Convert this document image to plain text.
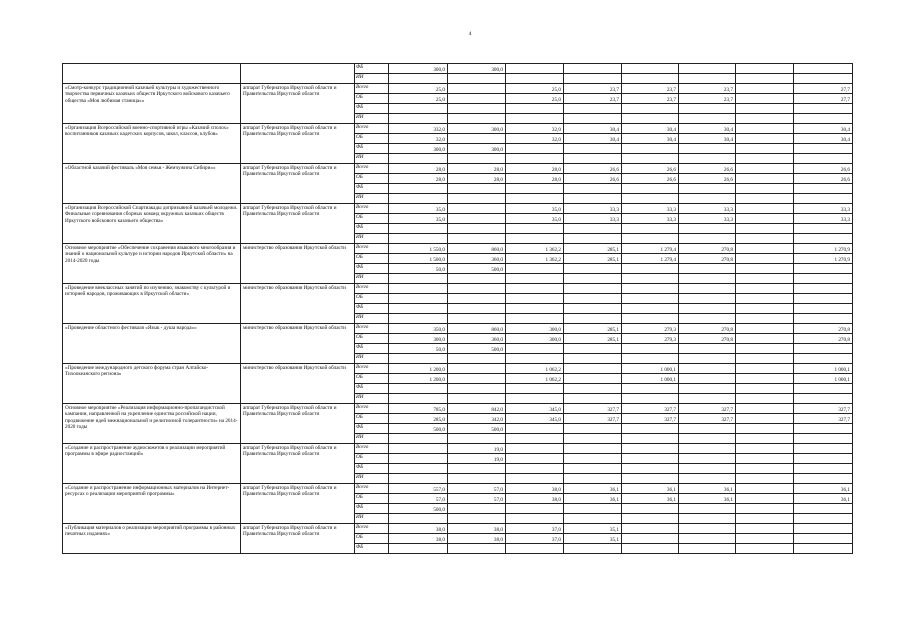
4
		ФБ	300,0	300,0						
		ИИ								
«Смотр-конкурс традиционной казачьей культуры и художественного творчества первичных казачьих обществ Иркутского войскового казачьего общества «Моя любимая станица»»	аппарат Губернатора Иркутской области и Правительства Иркутской области	Всего	25,0		25,0	23,7	23,7	23,7		27,7
		ОБ	25,0		25,0	23,7	23,7	23,7		27,7
		ФБ								
		ИИ								
«Организация Всероссийской военно-спортивной игры «Казачий сполох» воспитанников казачьих кадетских корпусов, школ, классов, клубов»	аппарат Губернатора Иркутской области и Правительства Иркутской области	Всего	332,0	300,0	32,0	30,4	30,4	30,4		30,4
		ОБ	32,0		32,0	30,4	30,4	30,4		30,4
		ФБ	300,0	300,0						
		ИИ								
«Областной казачий фестиваль «Моя семья - Жемчужина Сибири»»	аппарат Губернатора Иркутской области и Правительства Иркутской области	Всего	28,0	28,0	28,0	26,6	26,6	26,6		26,6
		ОБ	28,0	28,0	28,0	26,6	26,6	26,6		26,6
		ФБ								
		ИИ								
«Организация Всероссийской Спартиакады допризывной казачьей молодежи. Финальные соревнования сборных команд окружных казачьих обществ Иркутского войскового казачьего общества»	аппарат Губернатора Иркутской области и Правительства Иркутской области	Всего	35,0		35,0	33,3	33,3	33,3		33,3
		ОБ	35,0		35,0	33,3	33,3	33,3		33,3
		ФБ								
		ИИ								
Основное мероприятие «Обеспечение сохранения языкового многообразия и знаний о национальной культуре и истории народов Иркутской области» на 2014-2020 годы	министерство образования Иркутской области	Всего	1 550,0	860,0	1 362,2	285,1	1 279,4	270,8		1 270,9
		ОБ	1 500,0	360,0	1 362,2	285,1	1 279,4	270,8		1 270,9
		ФБ	50,0	500,0						
		ИИ								
«Проведение внеклассных занятий по изучению, знакомству с культурой и историей народов, проживающих в Иркутской области»	министерство образования Иркутской области	Всего								
		ОБ								
		ФБ								
		ИИ								
«Проведение областного фестиваля «Язык - душа народа»»	министерство образования Иркутской области	Всего	350,0	860,0	300,0	285,1	279,3	270,8		270,8
		ОБ	300,0	360,0	300,0	285,1	279,3	270,8		270,8
		ФБ	50,0	500,0						
		ИИ								
«Проведение международного детского форума стран Алтайско-Тихоокеанского региона»	министерство образования Иркутской области	Всего	1 200,0		1 062,2		1 000,1			1 000,1
		ОБ	1 200,0		1 062,2		1 000,1			1 000,1
		ФБ								
		ИИ								
Основное мероприятие «Реализация информационно-пропагандистской кампании, направленной на укрепление единства российской нации, продвижение идей межнациональной и религиозной толерантности» на 2014-2020 годы	аппарат Губернатора Иркутской области и Правительства Иркутской области	Всего	785,0	842,0	345,0	327,7	327,7	327,7		327,7
		ОБ	285,0	342,0	345,0	327,7	327,7	327,7		327,7
		ФБ	500,0	500,0						
		ИИ								
«Создание и распространение аудиосюжетов о реализации мероприятий программы в эфире радиостанций»	аппарат Губернатора Иркутской области и Правительства Иркутской области	Всего		19,0						
		ОБ		19,0						
		ФБ								
		ИИ								
«Создание и распространение информационных материалов на Интернет-ресурсах о реализации мероприятий программы»	аппарат Губернатора Иркутской области и Правительства Иркутской области	Всего	557,0	57,0	38,0	36,1	36,1	36,1		36,1
		ОБ	57,0	57,0	38,0	36,1	36,1	36,1		36,1
		ФБ	500,0							
		ИИ								
«Публикация материалов о реализации мероприятий программы в районных печатных изданиях»	аппарат Губернатора Иркутской области и Правительства Иркутской области	Всего	38,0	38,0	37,0	35,1				
		ОБ	38,0	38,0	37,0	35,1				
		ФБ								
